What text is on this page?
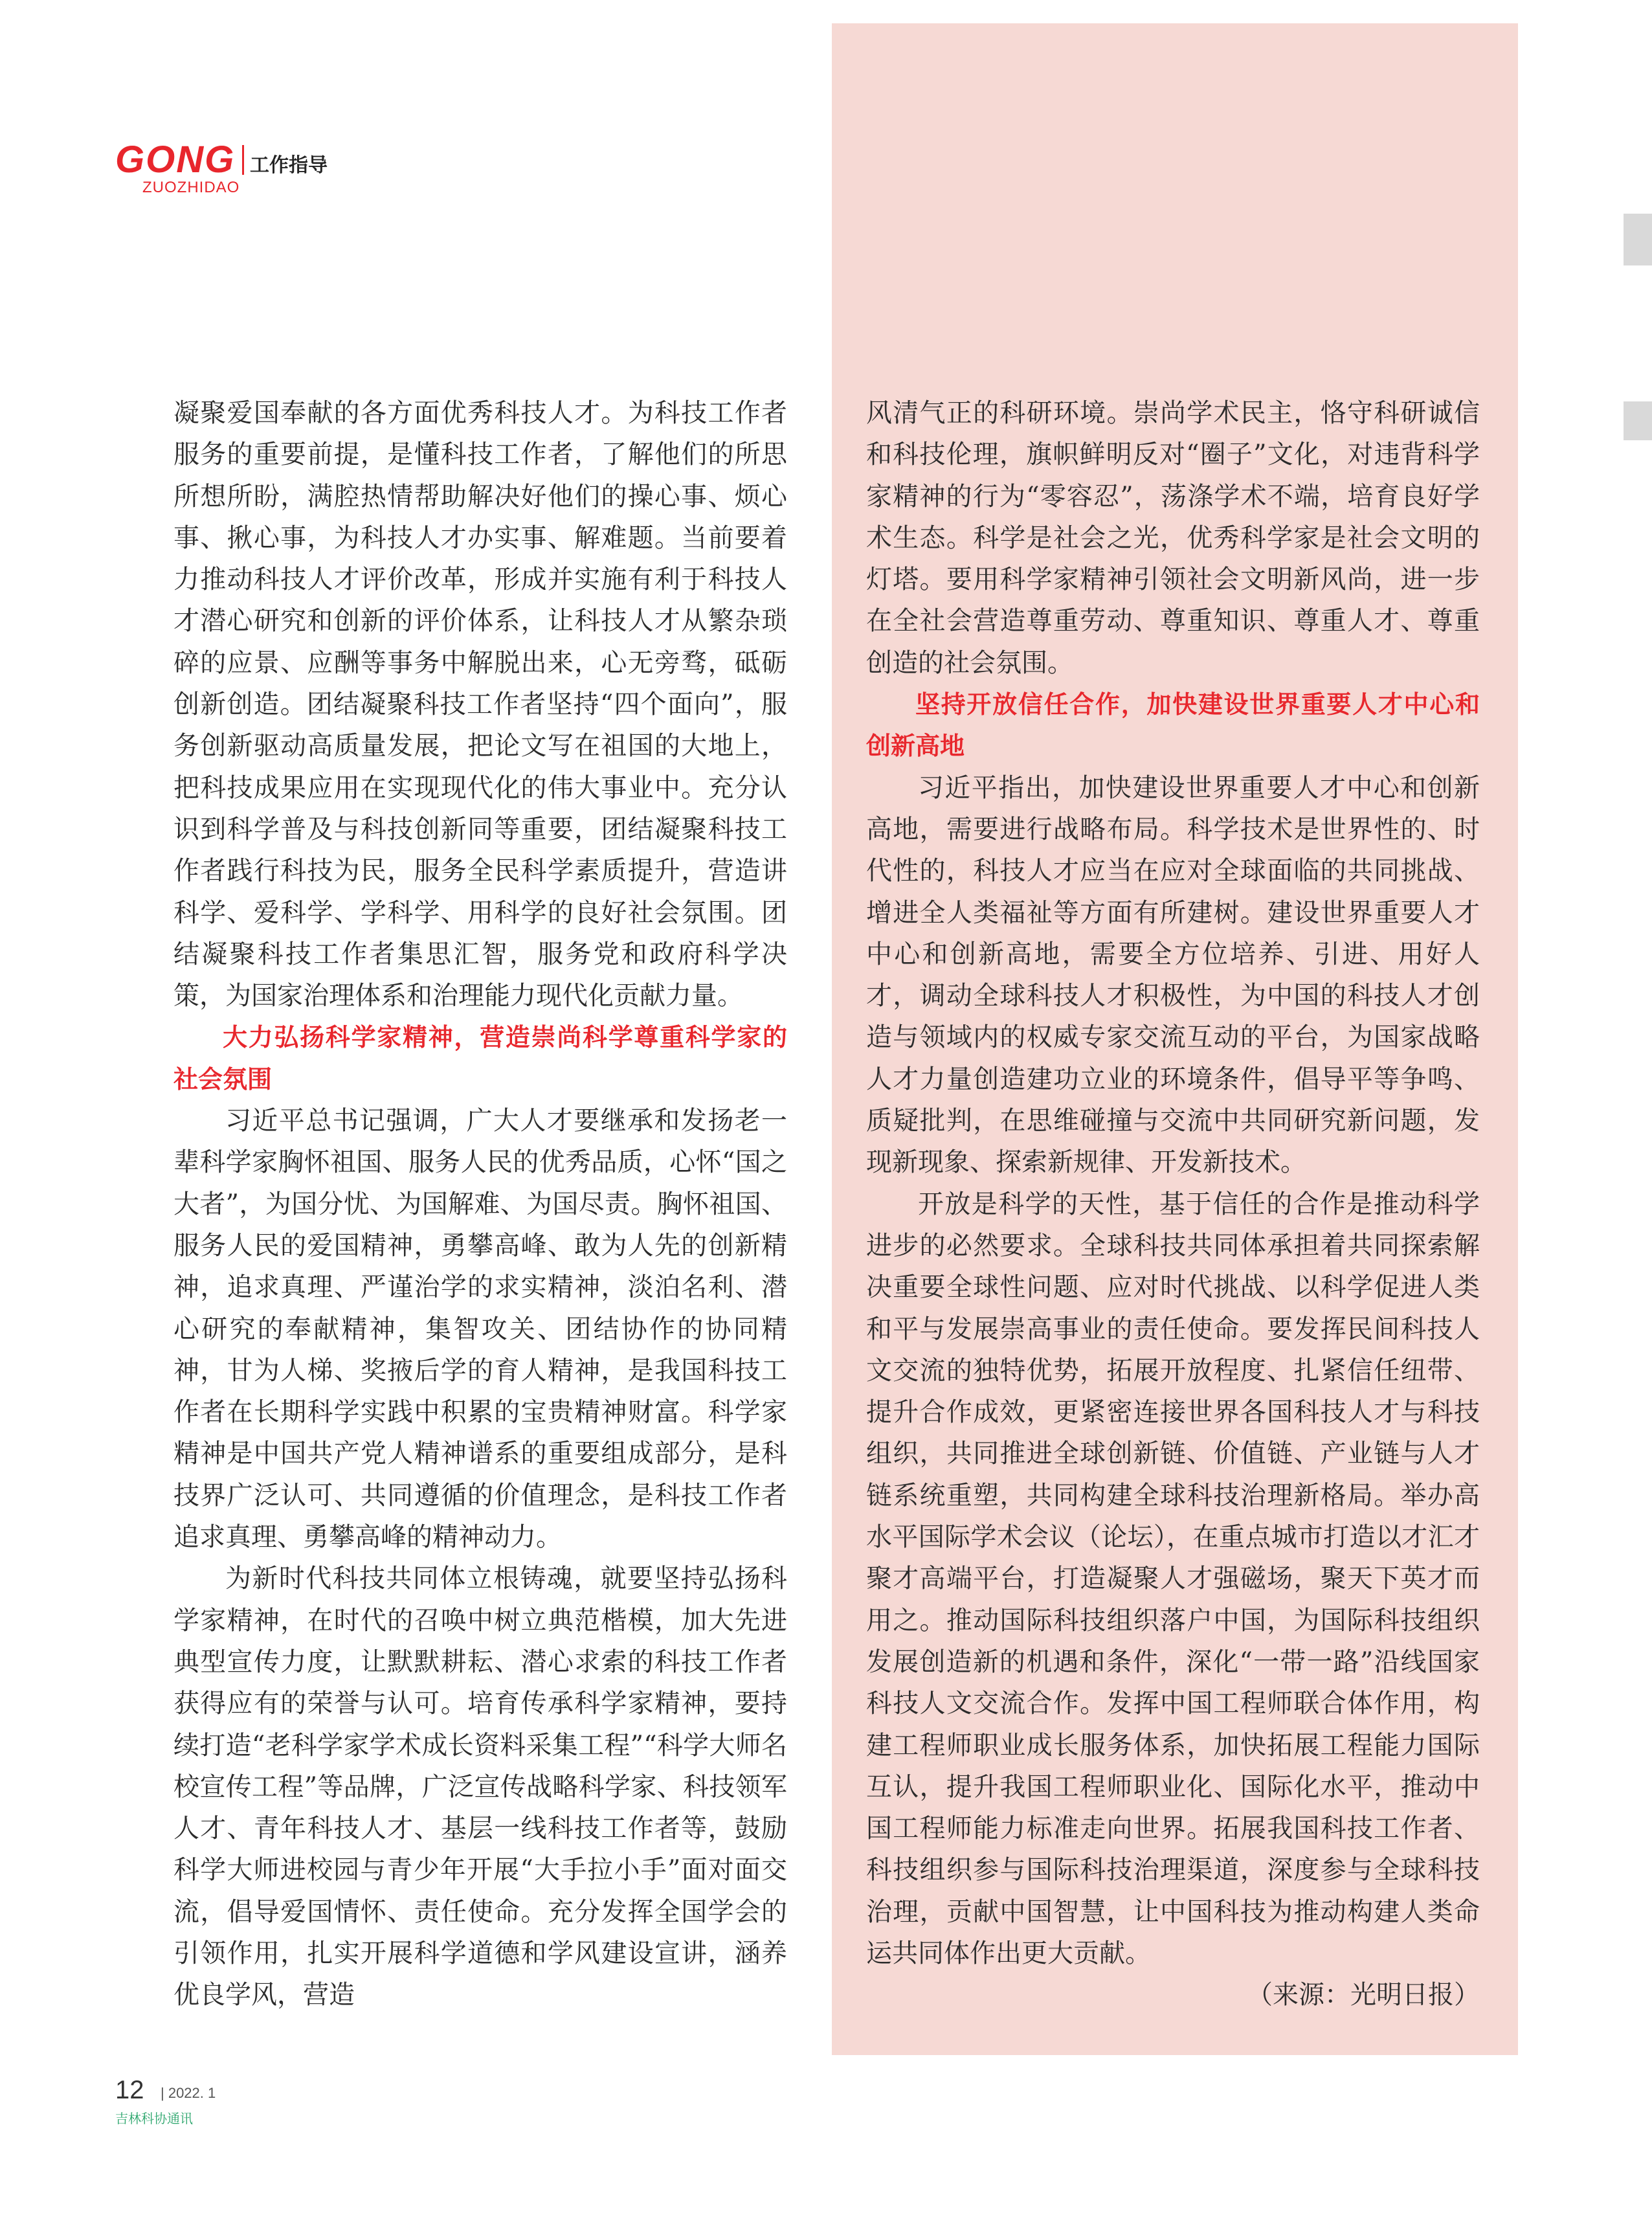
GONG 工作指导
ZUOZHIDAO

凝聚爱国奉献的各方面优秀科技人才。为科技工作者服务的重要前提，是懂科技工作者，了解他们的所思所想所盼，满腔热情帮助解决好他们的操心事、烦心事、揪心事，为科技人才办实事、解难题。当前要着力推动科技人才评价改革，形成并实施有利于科技人才潜心研究和创新的评价体系，让科技人才从繁杂琐碎的应景、应酬等事务中解脱出来，心无旁骛，砥砺创新创造。团结凝聚科技工作者坚持“四个面向”，服务创新驱动高质量发展，把论文写在祖国的大地上，把科技成果应用在实现现代化的伟大事业中。充分认识到科学普及与科技创新同等重要，团结凝聚科技工作者践行科技为民，服务全民科学素质提升，营造讲科学、爱科学、学科学、用科学的良好社会氛围。团结凝聚科技工作者集思汇智，服务党和政府科学决策，为国家治理体系和治理能力现代化贡献力量。

大力弘扬科学家精神，营造崇尚科学尊重科学家的社会氛围

习近平总书记强调，广大人才要继承和发扬老一辈科学家胸怀祖国、服务人民的优秀品质，心怀“国之大者”，为国分忧、为国解难、为国尽责。胸怀祖国、服务人民的爱国精神，勇攀高峰、敢为人先的创新精神，追求真理、严谨治学的求实精神，淡泊名利、潜心研究的奉献精神，集智攻关、团结协作的协同精神，甘为人梯、奖掖后学的育人精神，是我国科技工作者在长期科学实践中积累的宝贵精神财富。科学家精神是中国共产党人精神谱系的重要组成部分，是科技界广泛认可、共同遵循的价值理念，是科技工作者追求真理、勇攀高峰的精神动力。

为新时代科技共同体立根铸魂，就要坚持弘扬科学家精神，在时代的召唤中树立典范楷模，加大先进典型宣传力度，让默默耕耘、潜心求索的科技工作者获得应有的荣誉与认可。培育传承科学家精神，要持续打造“老科学家学术成长资料采集工程”“科学大师名校宣传工程”等品牌，广泛宣传战略科学家、科技领军人才、青年科技人才、基层一线科技工作者等，鼓励科学大师进校园与青少年开展“大手拉小手”面对面交流，倡导爱国情怀、责任使命。充分发挥全国学会的引领作用，扎实开展科学道德和学风建设宣讲，涵养优良学风，营造

风清气正的科研环境。崇尚学术民主，恪守科研诚信和科技伦理，旗帜鲜明反对“圈子”文化，对违背科学家精神的行为“零容忍”，荡涤学术不端，培育良好学术生态。科学是社会之光，优秀科学家是社会文明的灯塔。要用科学家精神引领社会文明新风尚，进一步在全社会营造尊重劳动、尊重知识、尊重人才、尊重创造的社会氛围。

坚持开放信任合作，加快建设世界重要人才中心和创新高地

习近平指出，加快建设世界重要人才中心和创新高地，需要进行战略布局。科学技术是世界性的、时代性的，科技人才应当在应对全球面临的共同挑战、增进全人类福祉等方面有所建树。建设世界重要人才中心和创新高地，需要全方位培养、引进、用好人才，调动全球科技人才积极性，为中国的科技人才创造与领域内的权威专家交流互动的平台，为国家战略人才力量创造建功立业的环境条件，倡导平等争鸣、质疑批判，在思维碰撞与交流中共同研究新问题，发现新现象、探索新规律、开发新技术。

开放是科学的天性，基于信任的合作是推动科学进步的必然要求。全球科技共同体承担着共同探索解决重要全球性问题、应对时代挑战、以科学促进人类和平与发展崇高事业的责任使命。要发挥民间科技人文交流的独特优势，拓展开放程度、扎紧信任纽带、提升合作成效，更紧密连接世界各国科技人才与科技组织，共同推进全球创新链、价值链、产业链与人才链系统重塑，共同构建全球科技治理新格局。举办高水平国际学术会议（论坛），在重点城市打造以才汇才聚才高端平台，打造凝聚人才强磁场，聚天下英才而用之。推动国际科技组织落户中国，为国际科技组织发展创造新的机遇和条件，深化“一带一路”沿线国家科技人文交流合作。发挥中国工程师联合体作用，构建工程师职业成长服务体系，加快拓展工程能力国际互认，提升我国工程师职业化、国际化水平，推动中国工程师能力标准走向世界。拓展我国科技工作者、科技组织参与国际科技治理渠道，深度参与全球科技治理，贡献中国智慧，让中国科技为推动构建人类命运共同体作出更大贡献。

（来源：光明日报）

12 | 2022. 1
吉林科协通讯
